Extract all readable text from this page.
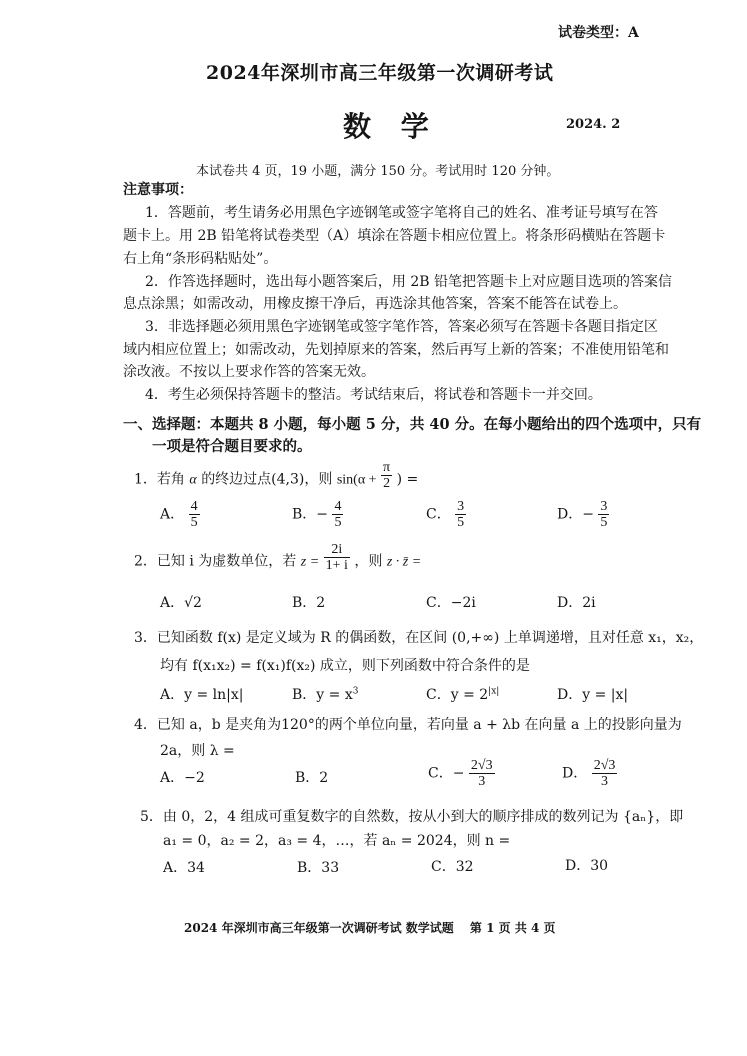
试卷类型：A
2024年深圳市高三年级第一次调研考试
数 学	2024. 2
本试卷共 4 页，19 小题，满分 150 分。考试用时 120 分钟。
注意事项：
1．答题前，考生请务必用黑色字迹钢笔或签字笔将自己的姓名、准考证号填写在答
题卡上。用 2B 铅笔将试卷类型（A）填涂在答题卡相应位置上。将条形码横贴在答题卡
右上角“条形码粘贴处”。
2．作答选择题时，选出每小题答案后，用 2B 铅笔把答题卡上对应题目选项的答案信
息点涂黑；如需改动，用橡皮擦干净后，再选涂其他答案，答案不能答在试卷上。
3．非选择题必须用黑色字迹钢笔或签字笔作答，答案必须写在答题卡各题目指定区
域内相应位置上；如需改动，先划掉原来的答案，然后再写上新的答案；不准使用铅笔和
涂改液。不按以上要求作答的答案无效。
4．考生必须保持答题卡的整洁。考试结束后，将试卷和答题卡一并交回。
一、选择题：本题共 8 小题，每小题 5 分，共 40 分。在每小题给出的四个选项中，只有
一项是符合题目要求的。
1．若角 α 的终边过点(4,3)，则 $\sin(\alpha + \frac{\pi}{2}$ ) =
A． $\frac{4}{5}$	B．− $\frac{4}{5}$	C． $\frac{3}{5}$	D．− $\frac{3}{5}$
2．已知 i 为虚数单位，若 $z = \frac{2i}{1+ i}$ ，则 z · z̄ =
A．√2	B．2	C．−2i	D．2i
3．已知函数 f(x) 是定义域为 R 的偶函数，在区间 (0,+∞) 上单调递增，且对任意 x₁，x₂，
均有 f(x₁x₂) = f(x₁)f(x₂) 成立，则下列函数中符合条件的是
A．y = ln|x|	B．$y = x^3$	C．$y = 2^{|x|}$	D．y = |x|
4．已知 a，b 是夹角为120°的两个单位向量，若向量 a + λb 在向量 a 上的投影向量为
2a，则 λ =
A．−2	B．2	C．− $\frac{2√3}{3}$	D． $\frac{2√3}{3}$
5．由 0，2，4 组成可重复数字的自然数，按从小到大的顺序排成的数列记为 {aₙ}，即
a₁ = 0，a₂ = 2，a₃ = 4，…，若 aₙ = 2024，则 n =
A．34	B．33	C．32	D．30
2024 年深圳市高三年级第一次调研考试 数学试题　 第 1 页 共 4 页
